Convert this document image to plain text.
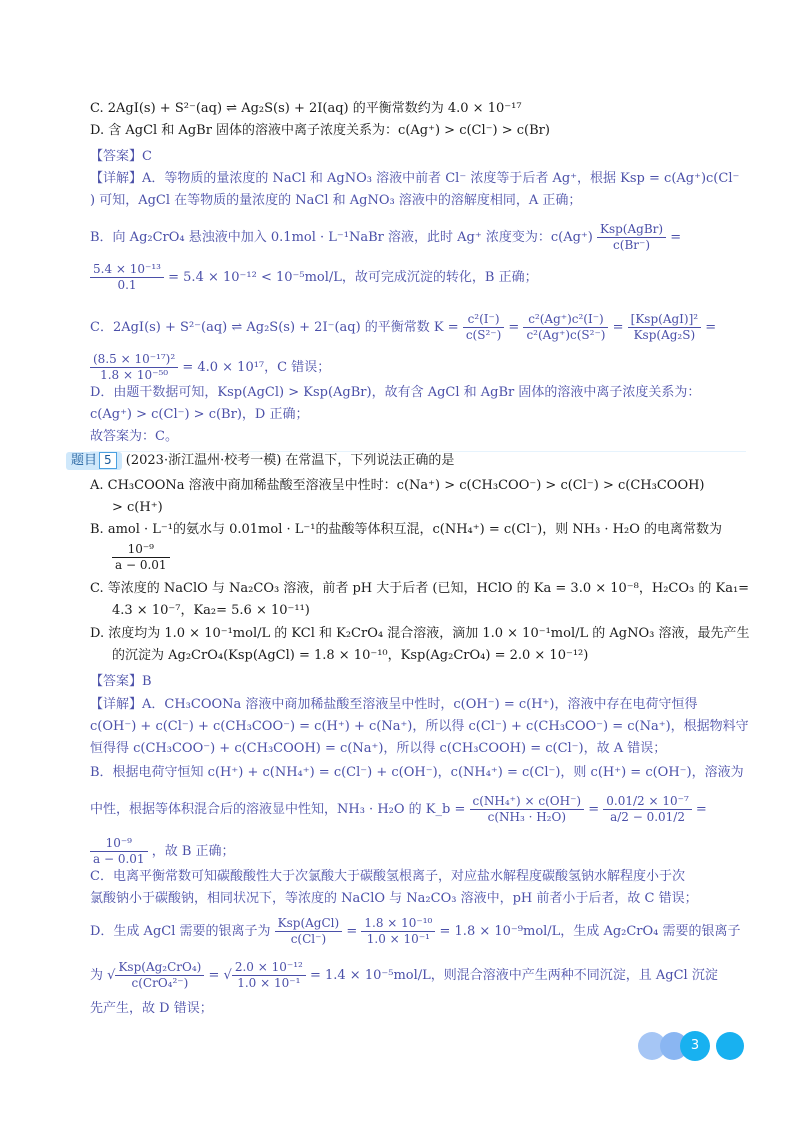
C. 2AgI(s) + S²⁻(aq) ⇌ Ag₂S(s) + 2I(aq) 的平衡常数约为 4.0 × 10⁻¹⁷
D. 含 AgCl 和 AgBr 固体的溶液中离子浓度关系为：c(Ag⁺) > c(Cl⁻) > c(Br)
【答案】C
【详解】A．等物质的量浓度的 NaCl 和 AgNO₃ 溶液中前者 Cl⁻ 浓度等于后者 Ag⁺，根据 Ksp = c(Ag⁺)c(Cl⁻
) 可知，AgCl 在等物质的量浓度的 NaCl 和 AgNO₃ 溶液中的溶解度相同，A 正确；
B．向 Ag₂CrO₄ 悬浊液中加入 0.1mol · L⁻¹NaBr 溶液，此时 Ag⁺ 浓度变为：$c(Ag^+) \frac{\text{Ksp(AgBr)}}{c(Br^-)}$ =
$\frac{\text{5.4 × 10⁻¹³}}{0.1} = 5.4 \times 10^{-12} < 10^{-5}mol/L$，故可完成沉淀的转化，B 正确；
C．2AgI(s) + S²⁻(aq) ⇌ Ag₂S(s) + 2I⁻(aq) 的平衡常数 $K = \frac{\text{c²(I⁻)}}{\text{c(S²⁻)}} = \frac{\text{c²(Ag⁺)c²(I⁻)}}{\text{c²(Ag⁺)c(S²⁻)}} = \frac{\text{[Ksp(AgI)]²}}{\text{Ksp(Ag₂S)}}$ =
$\frac{\text{(8.5 × 10⁻¹⁷)²}}{\text{1.8 × 10⁻⁵⁰}} = 4.0 \times 10^{17}$，C 错误；
D．由题干数据可知，Ksp(AgCl) > Ksp(AgBr)，故有含 AgCl 和 AgBr 固体的溶液中离子浓度关系为：
c(Ag⁺) > c(Cl⁻) > c(Br)，D 正确；
故答案为：C。
题目 5 (2023·浙江温州·校考一模) 在常温下，下列说法正确的是
A. CH₃COONa 溶液中商加稀盐酸至溶液呈中性时：c(Na⁺) > c(CH₃COO⁻) > c(Cl⁻) > c(CH₃COOH)
> c(H⁺)
B. amol · L⁻¹的氨水与 0.01mol · L⁻¹的盐酸等体积互混，c(NH₄⁺) = c(Cl⁻)，则 NH₃ · H₂O 的电离常数为
$\frac{\text{10⁻⁹}}{a - 0.01}$
C. 等浓度的 NaClO 与 Na₂CO₃ 溶液，前者 pH 大于后者 (已知，HClO 的 Ka = 3.0 × 10⁻⁸，H₂CO₃ 的 Ka₁=
4.3 × 10⁻⁷，Ka₂= 5.6 × 10⁻¹¹)
D. 浓度均为 1.0 × 10⁻¹mol/L 的 KCl 和 K₂CrO₄ 混合溶液，滴加 1.0 × 10⁻¹mol/L 的 AgNO₃ 溶液，最先产生
的沉淀为 Ag₂CrO₄(Ksp(AgCl) = 1.8 × 10⁻¹⁰，Ksp(Ag₂CrO₄) = 2.0 × 10⁻¹²)
【答案】B
【详解】A．CH₃COONa 溶液中商加稀盐酸至溶液呈中性时，c(OH⁻) = c(H⁺)，溶液中存在电荷守恒得
c(OH⁻) + c(Cl⁻) + c(CH₃COO⁻) = c(H⁺) + c(Na⁺)，所以得 c(Cl⁻) + c(CH₃COO⁻) = c(Na⁺)，根据物料守
恒得得 c(CH₃COO⁻) + c(CH₃COOH) = c(Na⁺)，所以得 c(CH₃COOH) = c(Cl⁻)，故 A 错误；
B．根据电荷守恒知 c(H⁺) + c(NH₄⁺) = c(Cl⁻) + c(OH⁻)，c(NH₄⁺) = c(Cl⁻)，则 c(H⁺) = c(OH⁻)，溶液为
中性，根据等体积混合后的溶液显中性知，NH₃ · H₂O 的 K_b = $\frac{\text{c(NH₄⁺) × c(OH⁻)}}{\text{c(NH₃ · H₂O)}} = \frac{\text{0.01/2 × 10⁻⁷}}{a/2 - 0.01/2}$ =
$\frac{\text{10⁻⁹}}{a - 0.01}$ ，故 B 正确；
C．电离平衡常数可知碳酸酸性大于次氯酸大于碳酸氢根离子，对应盐水解程度碳酸氢钠水解程度小于次
氯酸钠小于碳酸钠，相同状况下，等浓度的 NaClO 与 Na₂CO₃ 溶液中，pH 前者小于后者，故 C 错误；
D．生成 AgCl 需要的银离子为 $\frac{\text{Ksp(AgCl)}}{c(Cl^-)} = \frac{\text{1.8 × 10⁻¹⁰}}{\text{1.0 × 10⁻¹}} = 1.8 \times 10^{-9}mol/L$，生成 Ag₂CrO₄ 需要的银离子
为 √ $\frac{\text{Ksp(Ag₂CrO₄)}}{\text{c(CrO₄²⁻)}}$ = √ $\frac{\text{2.0 × 10⁻¹²}}{\text{1.0 × 10⁻¹}} = 1.4 \times 10^{-5}mol/L$，则混合溶液中产生两种不同沉淀，且 AgCl 沉淀
先产生，故 D 错误；
3
